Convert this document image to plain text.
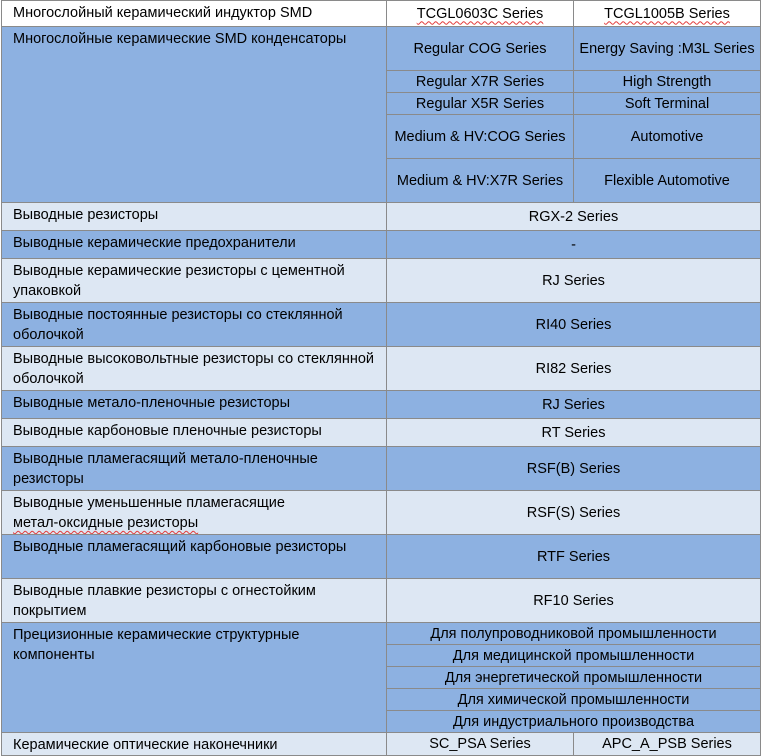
Многослойный керамический индуктор SMD	TCGL0603C Series	TCGL1005B Series
Многослойные керамические SMD конденсаторы	Regular COG Series	Energy Saving :M3L Series
	Regular X7R Series	High Strength
	Regular X5R Series	Soft Terminal
	Medium & HV:COG Series	Automotive
	Medium & HV:X7R Series	Flexible Automotive
Выводные резисторы	RGX-2 Series	
Выводные керамические предохранители	-	
Выводные керамические резисторы с цементной упаковкой	RJ Series	
Выводные постоянные резисторы со стеклянной оболочкой	RI40 Series	
Выводные высоковольтные резисторы со стеклянной оболочкой	RI82 Series	
Выводные метало-пленочные резисторы	RJ Series	
Выводные карбоновые пленочные резисторы	RT Series	
Выводные пламегасящий метало-пленочные резисторы	RSF(B) Series	
Выводные уменьшенные пламегасящие
метал-оксидные резисторы	RSF(S) Series	
Выводные пламегасящий карбоновые резисторы	RTF Series	
Выводные плавкие резисторы с огнестойким покрытием	RF10 Series	
Прецизионные керамические структурные компоненты	Для полупроводниковой промышленности	
	Для медицинской промышленности	
	Для энергетической промышленности	
	Для химической промышленности	
	Для индустриального производства	
Керамические оптические наконечники	SC_PSA Series	APC_A_PSB Series
